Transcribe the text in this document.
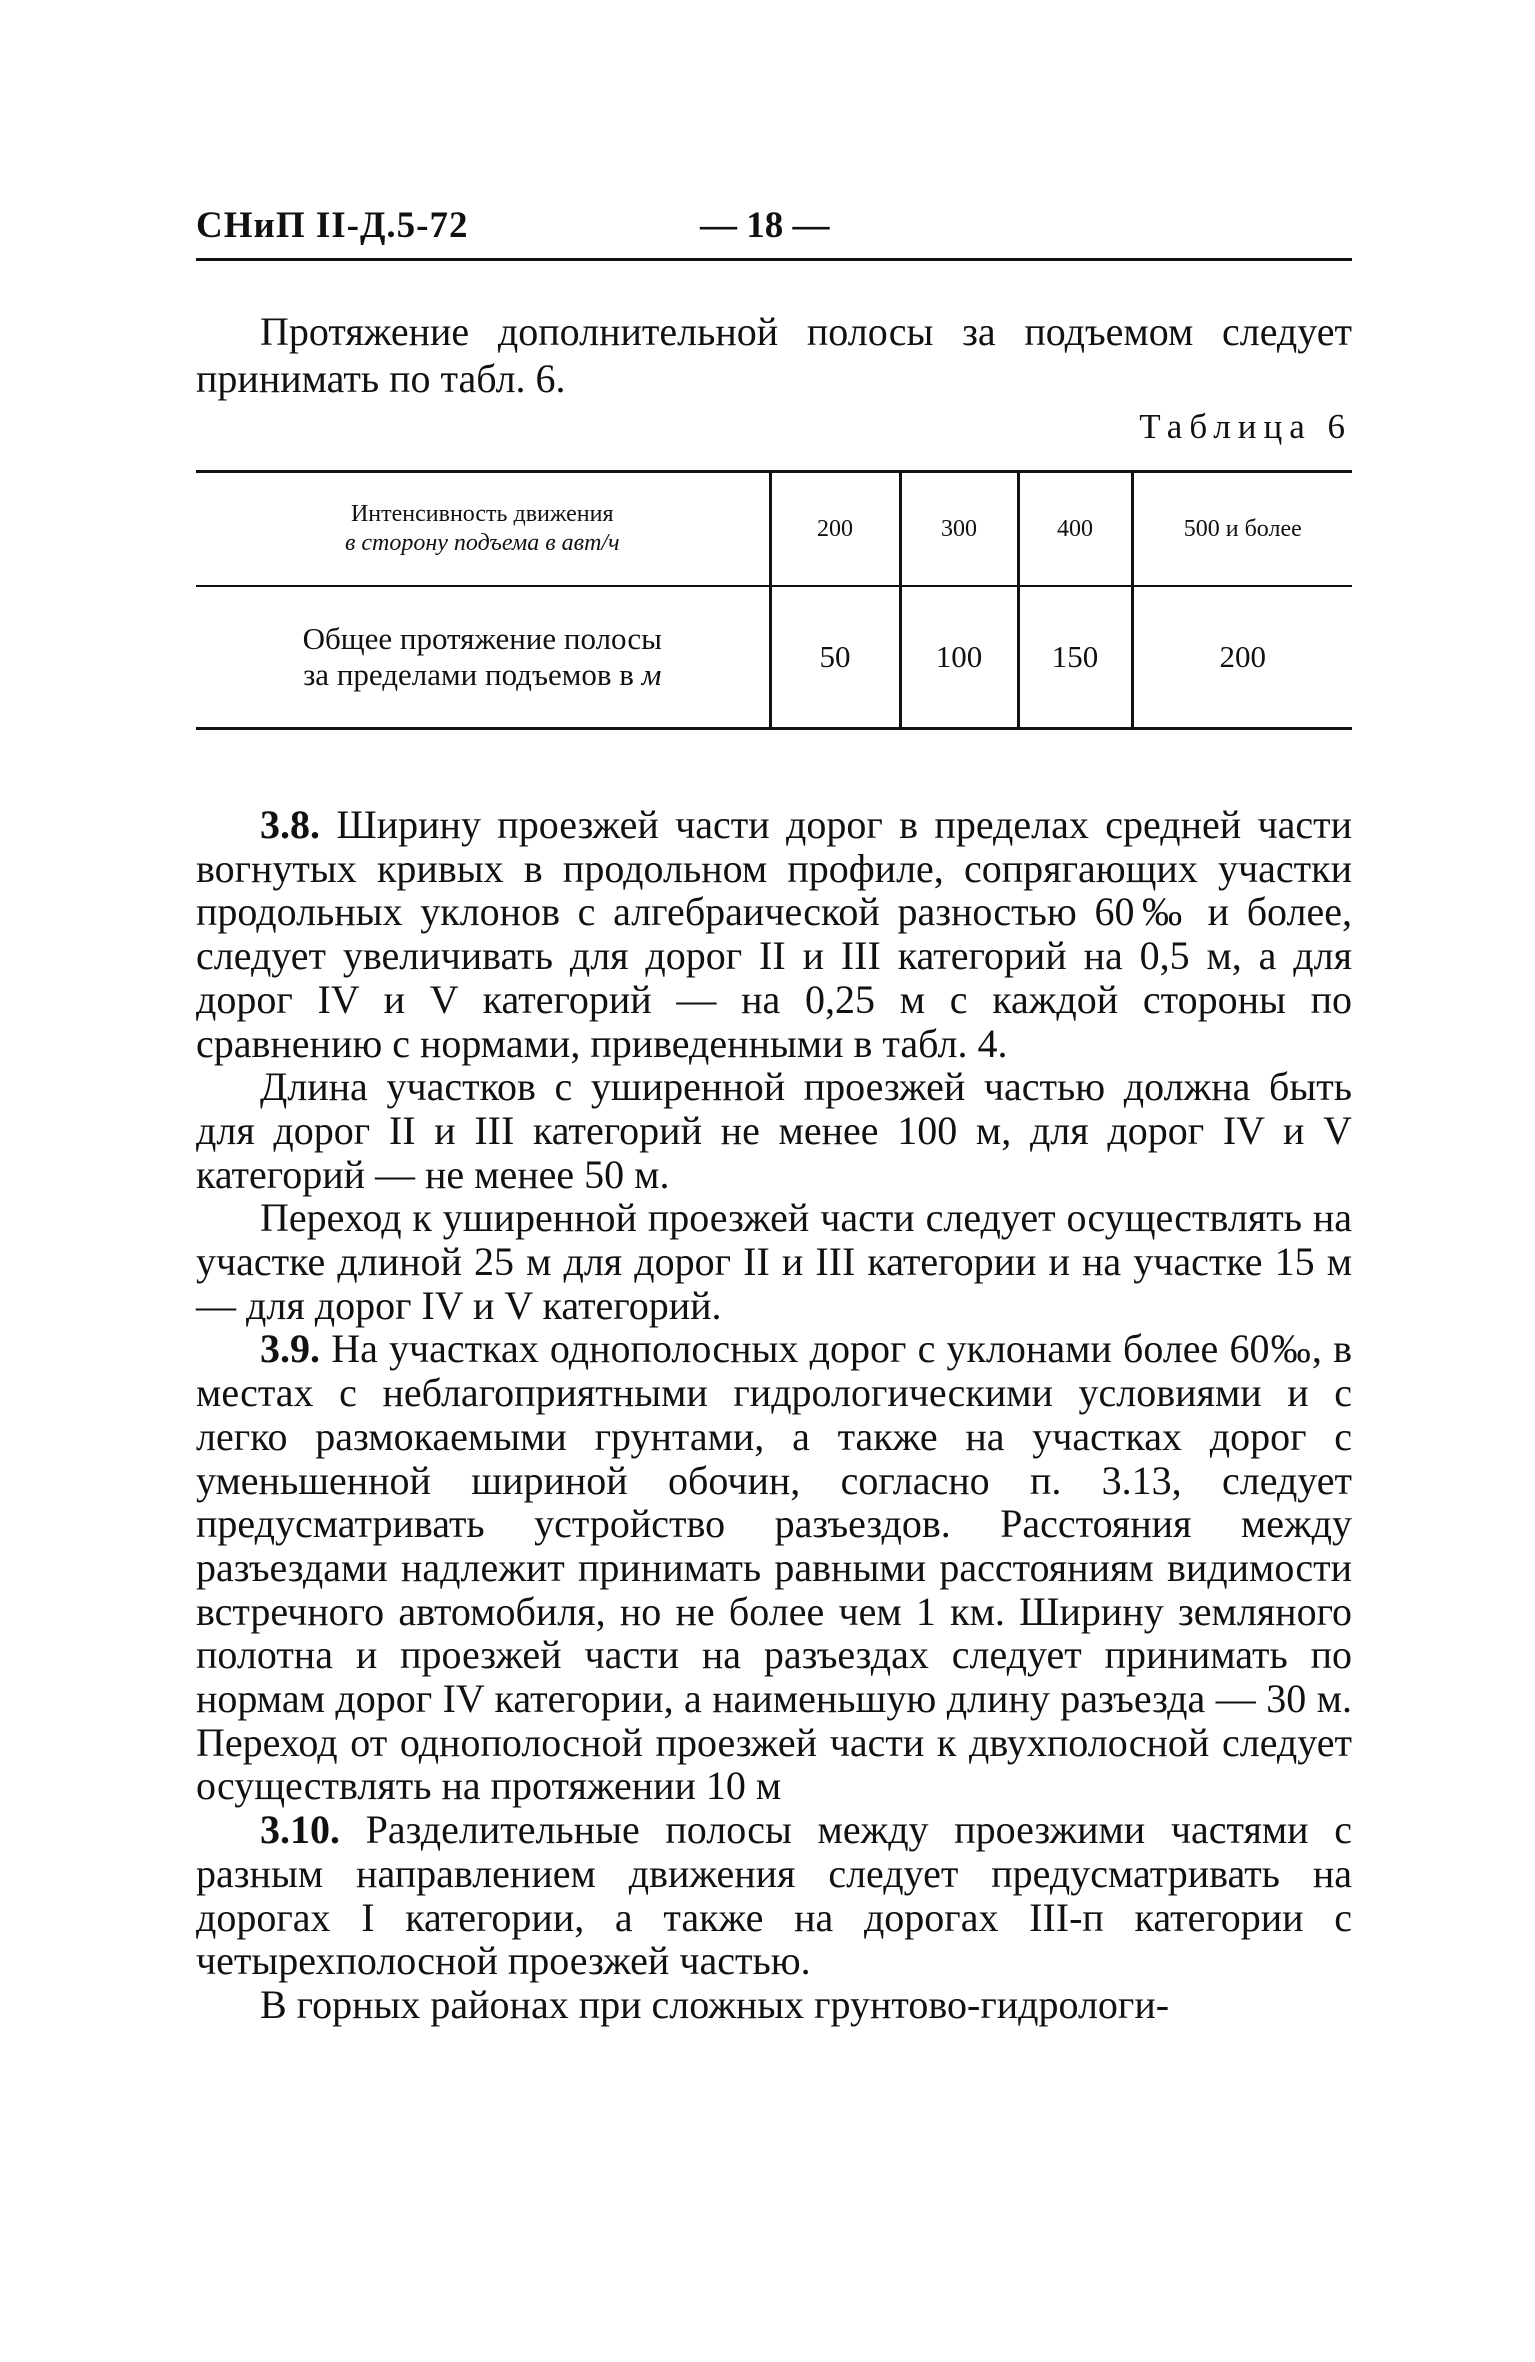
СНиП II-Д.5-72	— 18 —

Протяжение дополнительной полосы за подъемом следует принимать по табл. 6.

Таблица 6
Интенсивность движения
в сторону подъема в авт/ч	200	300	400	500 и более
Общее протяжение полосы
за пределами подъемов в м	50	100	150	200

3.8. Ширину проезжей части дорог в пределах средней части вогнутых кривых в продольном профиле, сопрягающих участки продольных уклонов с алгебраической разностью 60‰ и более, следует увеличивать для дорог II и III категорий на 0,5 м, а для дорог IV и V категорий — на 0,25 м с каждой стороны по сравнению с нормами, приведенными в табл. 4.

Длина участков с уширенной проезжей частью должна быть для дорог II и III категорий не менее 100 м, для дорог IV и V категорий — не менее 50 м.

Переход к уширенной проезжей части следует осуществлять на участке длиной 25 м для дорог II и III категории и на участке 15 м — для дорог IV и V категорий.

3.9. На участках однополосных дорог с уклонами более 60‰, в местах с неблагоприятными гидрологическими условиями и с легко размокаемыми грунтами, а также на участках дорог с уменьшенной шириной обочин, согласно п. 3.13, следует предусматривать устройство разъездов. Расстояния между разъездами надлежит принимать равными расстояниям видимости встречного автомобиля, но не более чем 1 км. Ширину земляного полотна и проезжей части на разъездах следует принимать по нормам дорог IV категории, а наименьшую длину разъезда — 30 м. Переход от однополосной проезжей части к двухполосной следует осуществлять на протяжении 10 м

3.10. Разделительные полосы между проезжими частями с разным направлением движения следует предусматривать на дорогах I категории, а также на дорогах III-п категории с четырехполосной проезжей частью.

В горных районах при сложных грунтово-гидрологи-
